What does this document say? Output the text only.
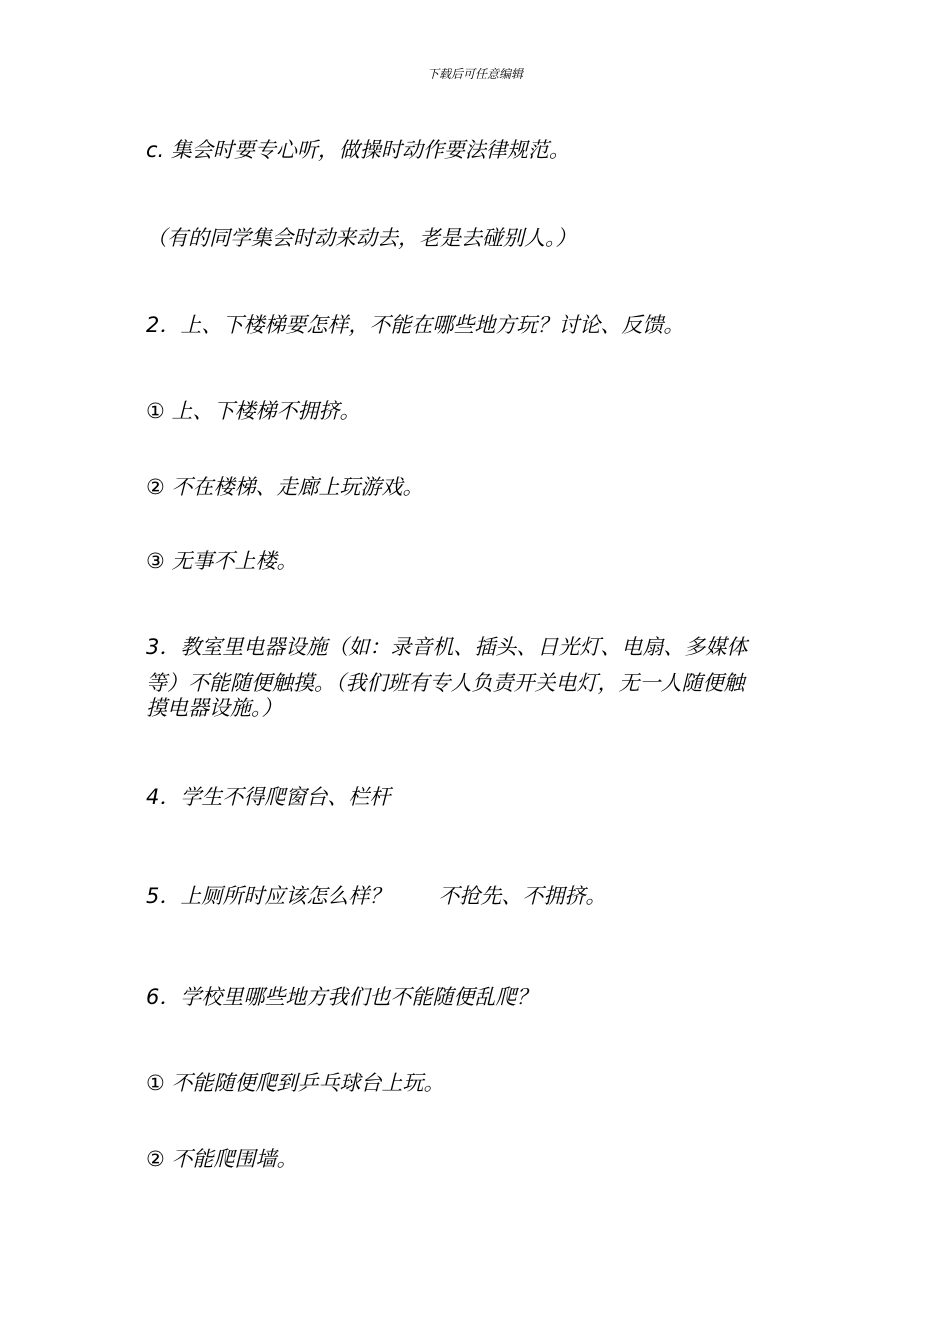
下载后可任意编辑
c. 集会时要专心听，做操时动作要法律规范。
（有的同学集会时动来动去，老是去碰别人。）
2．上、下楼梯要怎样，不能在哪些地方玩？讨论、反馈。
① 上、下楼梯不拥挤。
② 不在楼梯、走廊上玩游戏。
③ 无事不上楼。
3．教室里电器设施（如：录音机、插头、日光灯、电扇、多媒体
等）不能随便触摸。（我们班有专人负责开关电灯，无一人随便触
摸电器设施。）
4．学生不得爬窗台、栏杆
5．上厕所时应该怎么样？ 不抢先、不拥挤。
6．学校里哪些地方我们也不能随便乱爬？
① 不能随便爬到乒乓球台上玩。
② 不能爬围墙。
